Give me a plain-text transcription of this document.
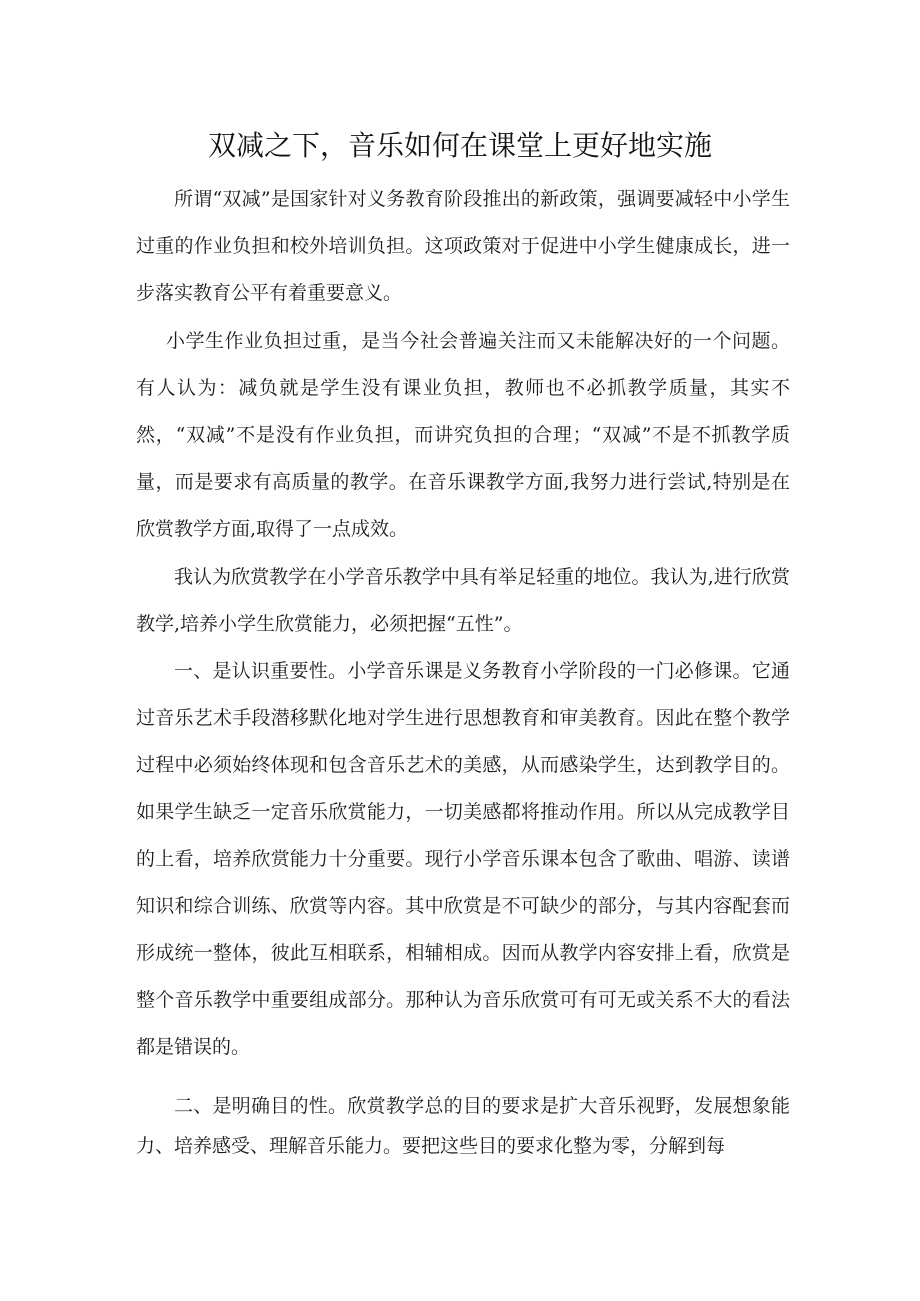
双减之下，音乐如何在课堂上更好地实施

所谓“双减”是国家针对义务教育阶段推出的新政策，强调要减轻中小学生过重的作业负担和校外培训负担。这项政策对于促进中小学生健康成长，进一步落实教育公平有着重要意义。

小学生作业负担过重，是当今社会普遍关注而又未能解决好的一个问题。有人认为：减负就是学生没有课业负担，教师也不必抓教学质量，其实不然，“双减”不是没有作业负担，而讲究负担的合理；“双减”不是不抓教学质量，而是要求有高质量的教学。在音乐课教学方面,我努力进行尝试,特别是在欣赏教学方面,取得了一点成效。

我认为欣赏教学在小学音乐教学中具有举足轻重的地位。我认为,进行欣赏教学,培养小学生欣赏能力，必须把握“五性”。

一、是认识重要性。小学音乐课是义务教育小学阶段的一门必修课。它通过音乐艺术手段潜移默化地对学生进行思想教育和审美教育。因此在整个教学过程中必须始终体现和包含音乐艺术的美感，从而感染学生，达到教学目的。如果学生缺乏一定音乐欣赏能力，一切美感都将推动作用。所以从完成教学目的上看，培养欣赏能力十分重要。现行小学音乐课本包含了歌曲、唱游、读谱知识和综合训练、欣赏等内容。其中欣赏是不可缺少的部分，与其内容配套而形成统一整体，彼此互相联系，相辅相成。因而从教学内容安排上看，欣赏是整个音乐教学中重要组成部分。那种认为音乐欣赏可有可无或关系不大的看法都是错误的。

二、是明确目的性。欣赏教学总的目的要求是扩大音乐视野，发展想象能力、培养感受、理解音乐能力。要把这些目的要求化整为零，分解到每
